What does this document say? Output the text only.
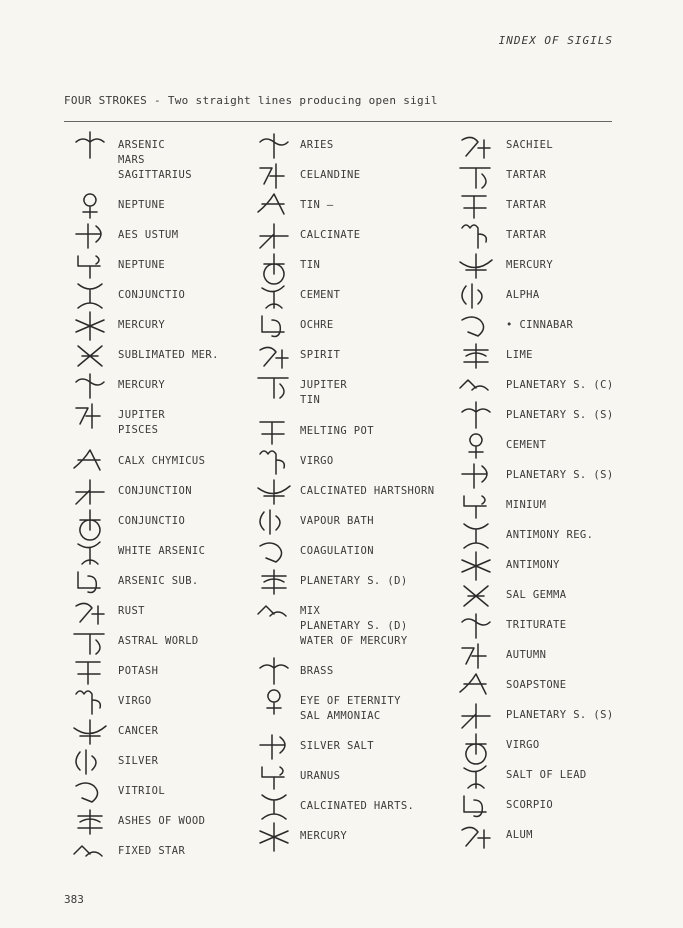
INDEX OF SIGILS
FOUR STROKES - Two straight lines producing open sigil
ARSENIC
MARS
SAGITTARIUS
NEPTUNE
AES USTUM
NEPTUNE
CONJUNCTIO
MERCURY
SUBLIMATED MER.
MERCURY
JUPITER
PISCES
CALX CHYMICUS
CONJUNCTION
CONJUNCTIO
WHITE ARSENIC
ARSENIC SUB.
RUST
ASTRAL WORLD
POTASH
VIRGO
CANCER
SILVER
VITRIOL
ASHES OF WOOD
FIXED STAR
ARIES
CELANDINE
TIN —
CALCINATE
TIN
CEMENT
OCHRE
SPIRIT
JUPITER
TIN
MELTING POT
VIRGO
CALCINATED HARTSHORN
VAPOUR BATH
COAGULATION
PLANETARY S. (D)
MIX
PLANETARY S. (D)
WATER OF MERCURY
BRASS
EYE OF ETERNITY
SAL AMMONIAC
SILVER SALT
URANUS
CALCINATED HARTS.
MERCURY
SACHIEL
TARTAR
TARTAR
TARTAR
MERCURY
ALPHA
• CINNABAR
LIME
PLANETARY S. (C)
PLANETARY S. (S)
CEMENT
PLANETARY S. (S)
MINIUM
ANTIMONY REG.
ANTIMONY
SAL GEMMA
TRITURATE
AUTUMN
SOAPSTONE
PLANETARY S. (S)
VIRGO
SALT OF LEAD
SCORPIO
ALUM
383
